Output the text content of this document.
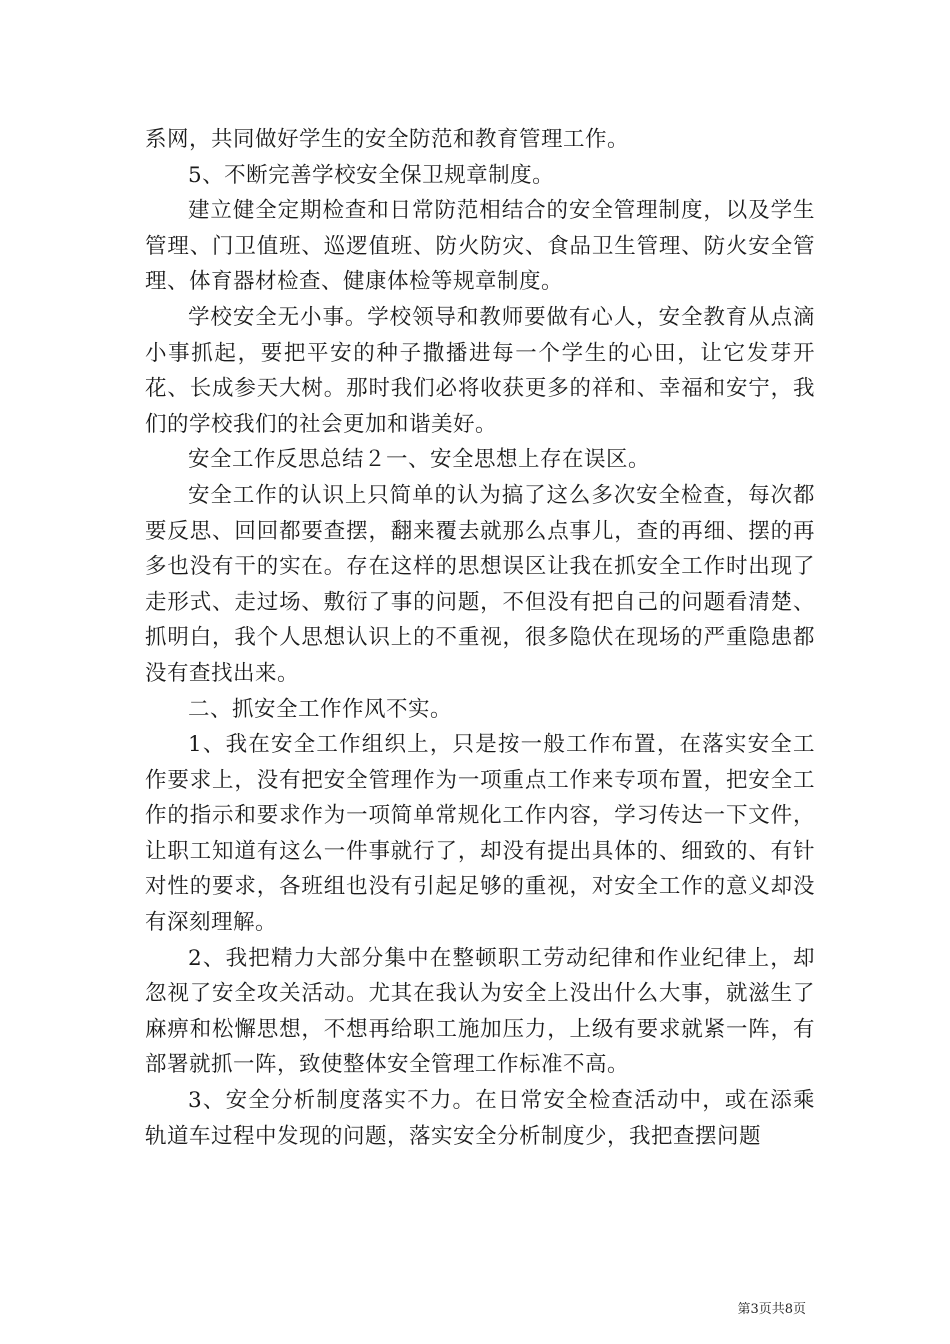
系网，共同做好学生的安全防范和教育管理工作。

5、不断完善学校安全保卫规章制度。

建立健全定期检查和日常防范相结合的安全管理制度，以及学生管理、门卫值班、巡逻值班、防火防灾、食品卫生管理、防火安全管理、体育器材检查、健康体检等规章制度。

学校安全无小事。学校领导和教师要做有心人，安全教育从点滴小事抓起，要把平安的种子撒播进每一个学生的心田，让它发芽开花、长成参天大树。那时我们必将收获更多的祥和、幸福和安宁，我们的学校我们的社会更加和谐美好。

安全工作反思总结２一、安全思想上存在误区。

安全工作的认识上只简单的认为搞了这么多次安全检查，每次都要反思、回回都要查摆，翻来覆去就那么点事儿，查的再细、摆的再多也没有干的实在。存在这样的思想误区让我在抓安全工作时出现了走形式、走过场、敷衍了事的问题，不但没有把自己的问题看清楚、抓明白，我个人思想认识上的不重视，很多隐伏在现场的严重隐患都没有查找出来。

二、抓安全工作作风不实。

1、我在安全工作组织上，只是按一般工作布置，在落实安全工作要求上，没有把安全管理作为一项重点工作来专项布置，把安全工作的指示和要求作为一项简单常规化工作内容，学习传达一下文件，让职工知道有这么一件事就行了，却没有提出具体的、细致的、有针对性的要求，各班组也没有引起足够的重视，对安全工作的意义却没有深刻理解。

2、我把精力大部分集中在整顿职工劳动纪律和作业纪律上，却忽视了安全攻关活动。尤其在我认为安全上没出什么大事，就滋生了麻痹和松懈思想，不想再给职工施加压力，上级有要求就紧一阵，有部署就抓一阵，致使整体安全管理工作标准不高。

3、安全分析制度落实不力。在日常安全检查活动中，或在添乘轨道车过程中发现的问题，落实安全分析制度少，我把查摆问题

第3页共8页
